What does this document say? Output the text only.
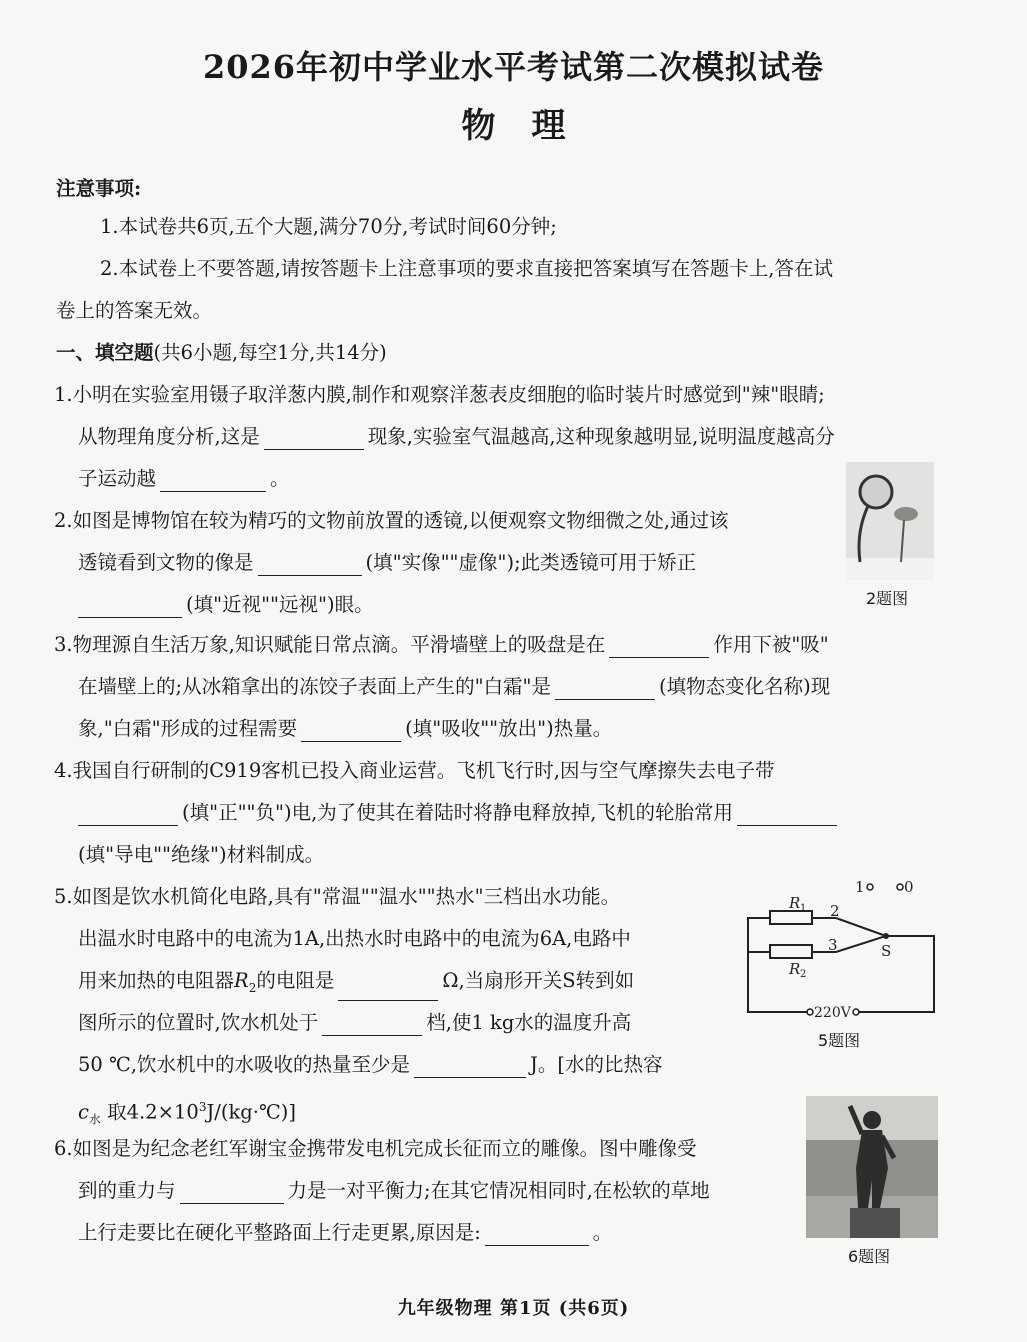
2026年初中学业水平考试第二次模拟试卷
物理
注意事项:
1.本试卷共6页,五个大题,满分70分,考试时间60分钟;
2.本试卷上不要答题,请按答题卡上注意事项的要求直接把答案填写在答题卡上,答在试
卷上的答案无效。
一、填空题(共6小题,每空1分,共14分)
1.小明在实验室用镊子取洋葱内膜,制作和观察洋葱表皮细胞的临时装片时感觉到"辣"眼睛;
从物理角度分析,这是	现象,实验室气温越高,这种现象越明显,说明温度越高分
子运动越	。
2.如图是博物馆在较为精巧的文物前放置的透镜,以便观察文物细微之处,通过该
透镜看到文物的像是	(填"实像""虚像");此类透镜可用于矫正
(填"近视""远视")眼。	2题图
3.物理源自生活万象,知识赋能日常点滴。平滑墙壁上的吸盘是在	作用下被"吸"
在墙壁上的;从冰箱拿出的冻饺子表面上产生的"白霜"是	(填物态变化名称)现
象,"白霜"形成的过程需要	(填"吸收""放出")热量。
4.我国自行研制的C919客机已投入商业运营。飞机飞行时,因与空气摩擦失去电子带
(填"正""负")电,为了使其在着陆时将静电释放掉,飞机的轮胎常用
(填"导电""绝缘")材料制成。
5.如图是饮水机简化电路,具有"常温""温水""热水"三档出水功能。
出温水时电路中的电流为1A,出热水时电路中的电流为6A,电路中
用来加热的电阻器$R_2$的电阻是	Ω,当扇形开关S转到如
图所示的位置时,饮水机处于	档,使1 kg水的温度升高
50 ℃,饮水机中的水吸收的热量至少是	J。[水的比热容
$c_水$ 取$4.2\times 10^3J/(kg\cdot℃)$]
R 1
R 2
1	0
2
3	S
220V
5题图
6.如图是为纪念老红军谢宝金携带发电机完成长征而立的雕像。图中雕像受
到的重力与	力是一对平衡力;在其它情况相同时,在松软的草地
上行走要比在硬化平整路面上行走更累,原因是:	。
6题图
九年级物理 第1页 (共6页)
